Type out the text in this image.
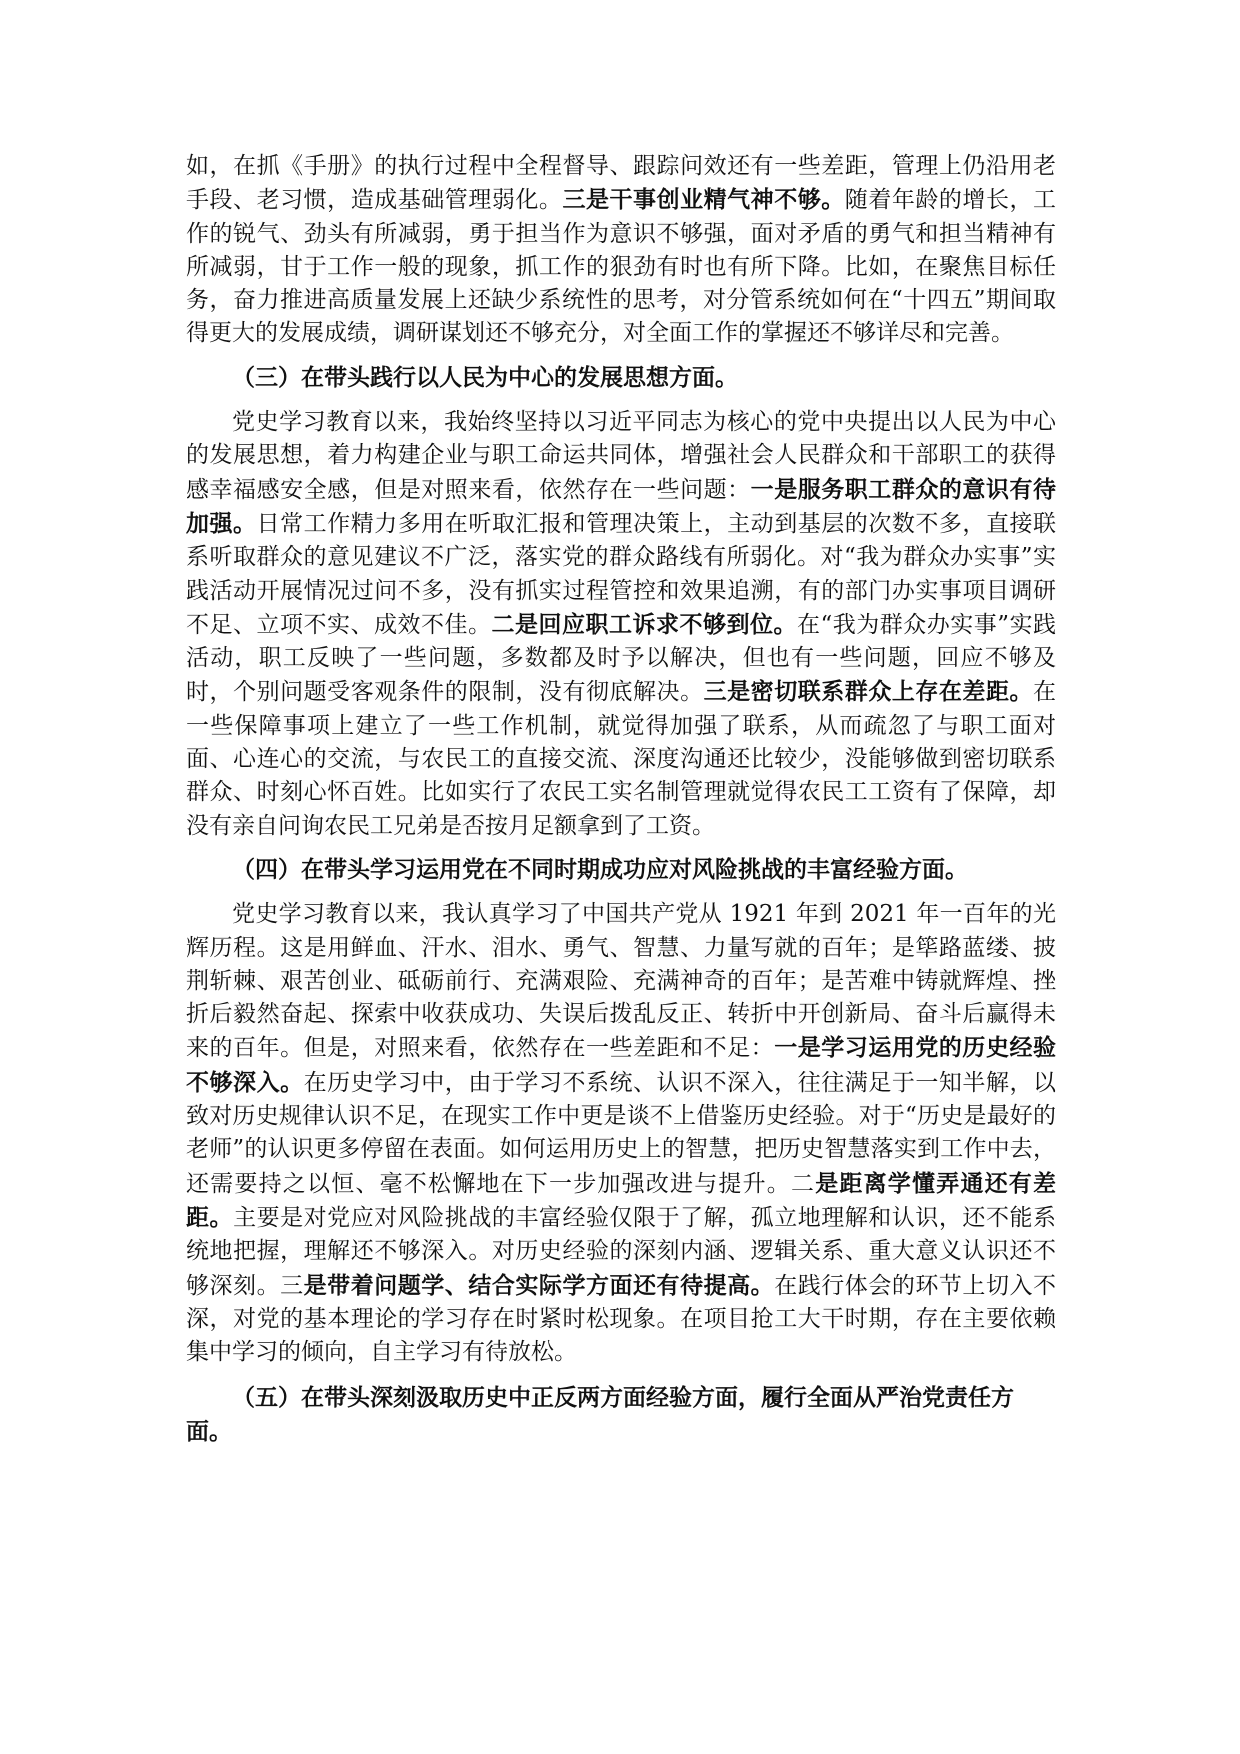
如，在抓《手册》的执行过程中全程督导、跟踪问效还有一些差距，管理上仍沿用老手段、老习惯，造成基础管理弱化。三是干事创业精气神不够。随着年龄的增长，工作的锐气、劲头有所减弱，勇于担当作为意识不够强，面对矛盾的勇气和担当精神有所减弱，甘于工作一般的现象，抓工作的狠劲有时也有所下降。比如，在聚焦目标任务，奋力推进高质量发展上还缺少系统性的思考，对分管系统如何在“十四五”期间取得更大的发展成绩，调研谋划还不够充分，对全面工作的掌握还不够详尽和完善。

（三）在带头践行以人民为中心的发展思想方面。

党史学习教育以来，我始终坚持以习近平同志为核心的党中央提出以人民为中心的发展思想，着力构建企业与职工命运共同体，增强社会人民群众和干部职工的获得感幸福感安全感，但是对照来看，依然存在一些问题：一是服务职工群众的意识有待加强。日常工作精力多用在听取汇报和管理决策上，主动到基层的次数不多，直接联系听取群众的意见建议不广泛，落实党的群众路线有所弱化。对“我为群众办实事”实践活动开展情况过问不多，没有抓实过程管控和效果追溯，有的部门办实事项目调研不足、立项不实、成效不佳。二是回应职工诉求不够到位。在“我为群众办实事”实践活动，职工反映了一些问题，多数都及时予以解决，但也有一些问题，回应不够及时，个别问题受客观条件的限制，没有彻底解决。三是密切联系群众上存在差距。在一些保障事项上建立了一些工作机制，就觉得加强了联系，从而疏忽了与职工面对面、心连心的交流，与农民工的直接交流、深度沟通还比较少，没能够做到密切联系群众、时刻心怀百姓。比如实行了农民工实名制管理就觉得农民工工资有了保障，却没有亲自问询农民工兄弟是否按月足额拿到了工资。

（四）在带头学习运用党在不同时期成功应对风险挑战的丰富经验方面。

党史学习教育以来，我认真学习了中国共产党从 1921 年到 2021 年一百年的光辉历程。这是用鲜血、汗水、泪水、勇气、智慧、力量写就的百年；是筚路蓝缕、披荆斩棘、艰苦创业、砥砺前行、充满艰险、充满神奇的百年；是苦难中铸就辉煌、挫折后毅然奋起、探索中收获成功、失误后拨乱反正、转折中开创新局、奋斗后赢得未来的百年。但是，对照来看，依然存在一些差距和不足：一是学习运用党的历史经验不够深入。在历史学习中，由于学习不系统、认识不深入，往往满足于一知半解，以致对历史规律认识不足，在现实工作中更是谈不上借鉴历史经验。对于“历史是最好的老师”的认识更多停留在表面。如何运用历史上的智慧，把历史智慧落实到工作中去，还需要持之以恒、毫不松懈地在下一步加强改进与提升。二是距离学懂弄通还有差距。主要是对党应对风险挑战的丰富经验仅限于了解，孤立地理解和认识，还不能系统地把握，理解还不够深入。对历史经验的深刻内涵、逻辑关系、重大意义认识还不够深刻。三是带着问题学、结合实际学方面还有待提高。在践行体会的环节上切入不深，对党的基本理论的学习存在时紧时松现象。在项目抢工大干时期，存在主要依赖集中学习的倾向，自主学习有待放松。

（五）在带头深刻汲取历史中正反两方面经验方面，履行全面从严治党责任方面。
